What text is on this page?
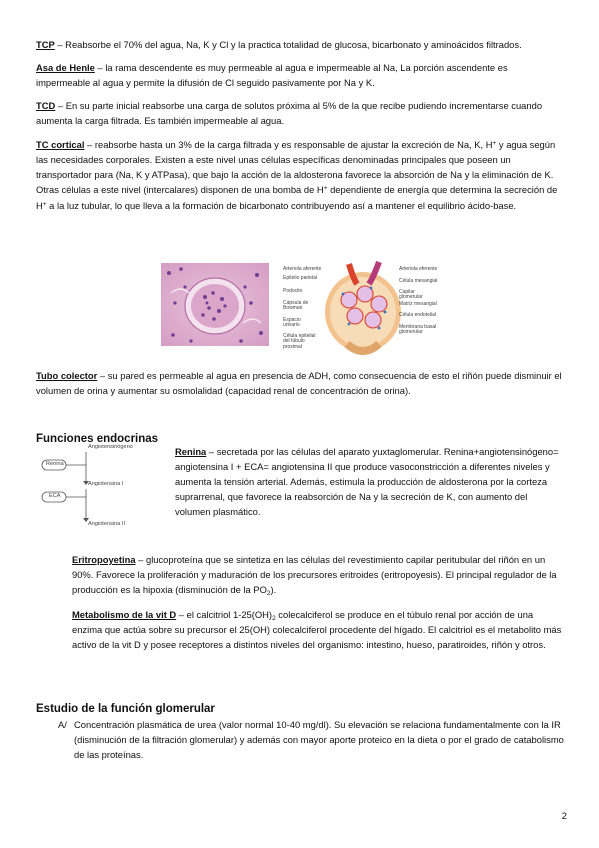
TCP – Reabsorbe el 70% del agua, Na, K y Cl y la practica totalidad de glucosa, bicarbonato y aminoácidos filtrados.

Asa de Henle – la rama descendente es muy permeable al agua e impermeable al Na, La porción ascendente es impermeable al agua y permite la difusión de Cl seguido pasivamente por Na y K.

TCD – En su parte inicial reabsorbe una carga de solutos próxima al 5% de la que recibe pudiendo incrementarse cuando aumenta la carga filtrada. Es también impermeable al agua.

TC cortical – reabsorbe hasta un 3% de la carga filtrada y es responsable de ajustar la excreción de Na, K, H+ y agua según las necesidades corporales. Existen a este nivel unas células específicas denominadas principales que poseen un transportador para (Na, K y ATPasa), que bajo la acción de la aldosterona favorece la absorción de Na y la eliminación de K.
Otras células a este nivel (intercalares) disponen de una bomba de H+ dependiente de energía que determina la secreción de H+ a la luz tubular, lo que lleva a la formación de bicarbonato contribuyendo así a mantener el equilibrio ácido-base.

Arteriola aferente
Epitelio parietal
Podocito
Cápsula de Bowman
Espacio urinario
Célula epitelial del túbulo proximal
Arteriola eferente
Célula mesangial
Capilar glomerular
Matriz mesangial
Célula endotelial
Membrana basal glomerular

Tubo colector – su pared es permeable al agua en presencia de ADH, como consecuencia de esto el riñón puede disminuir el volumen de orina y aumentar su osmolalidad (capacidad renal de concentración de orina).

Funciones endocrinas
Angiotensinógeno
Renina
Angiotensina I
ECA
Angiotensina II

Renina – secretada por las células del aparato yuxtaglomerular. Renina+angiotensinógeno= angiotensina I + ECA= angiotensina II que produce vasoconstricción a diferentes niveles y aumenta la tensión arterial. Además, estimula la producción de aldosterona por la corteza suprarrenal, que favorece la reabsorción de Na y la secreción de K, con aumento del volumen plasmático.

Eritropoyetina – glucoproteína que se sintetiza en las células del revestimiento capilar peritubular del riñón en un 90%. Favorece la proliferación y maduración de los precursores eritroides (eritropoyesis). El principal regulador de la producción es la hipoxia (disminución de la $PO_2$).

Metabolismo de la vit D – el calcitriol $1-25(OH)_2$ colecalciferol se produce en el túbulo renal por acción de una enzima que actúa sobre su precursor el 25(OH) colecalciferol procedente del hígado. El calcitriol es el metabolito más activo de la vit D y posee receptores a distintos niveles del organismo: intestino, hueso, paratiroides, riñón y otros.

Estudio de la función glomerular
A/ Concentración plasmática de urea (valor normal 10-40 mg/dl). Su elevación se relaciona fundamentalmente con la IR (disminución de la filtración glomerular) y además con mayor aporte proteico en la dieta o por el grado de catabolismo de las proteínas.

2
